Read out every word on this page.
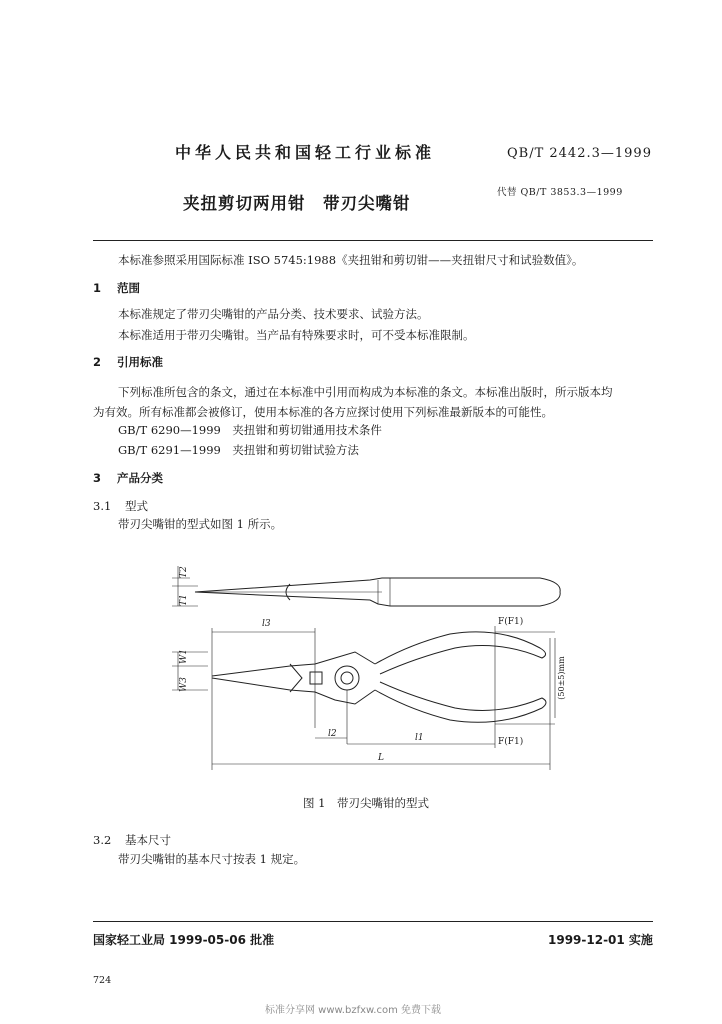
中华人民共和国轻工行业标准	QB/T 2442.3—1999
夹扭剪切两用钳　带刃尖嘴钳
代替 QB/T 3853.3—1999
本标准参照采用国际标准 ISO 5745:1988《夹扭钳和剪切钳——夹扭钳尺寸和试验数值》。
1 范围
本标准规定了带刃尖嘴钳的产品分类、技术要求、试验方法。
本标准适用于带刃尖嘴钳。当产品有特殊要求时，可不受本标准限制。
2 引用标准
下列标准所包含的条文，通过在本标准中引用而构成为本标准的条文。本标准出版时，所示版本均
为有效。所有标准都会被修订，使用本标准的各方应探讨使用下列标准最新版本的可能性。
GB/T 6290—1999　夹扭钳和剪切钳通用技术条件
GB/T 6291—1999　夹扭钳和剪切钳试验方法
3 产品分类
3.1 型式
带刃尖嘴钳的型式如图 1 所示。
T2
T1
l3
W1
W3
l2	l1
L
F(F1)
F(F1)
(50±5)mm
图 1　带刃尖嘴钳的型式
3.2 基本尺寸
带刃尖嘴钳的基本尺寸按表 1 规定。
国家轻工业局 1999-05-06 批准	1999-12-01 实施
724
标准分享网 www.bzfxw.com 免费下载
